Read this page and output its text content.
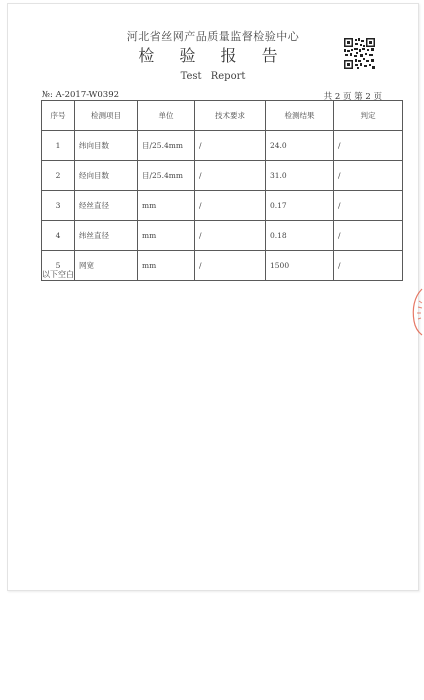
河北省丝网产品质量监督检验中心
检 验 报 告
Test Report
№: A-2017-W0392	共 2 页 第 2 页
序号	检测项目	单位	技术要求	检测结果	判定
1	纬向目数	目/25.4mm	/	24.0	/
2	经向目数	目/25.4mm	/	31.0	/
3	经丝直径	mm	/	0.17	/
4	纬丝直径	mm	/	0.18	/
5	网宽	mm	/	1500	/
以下空白
